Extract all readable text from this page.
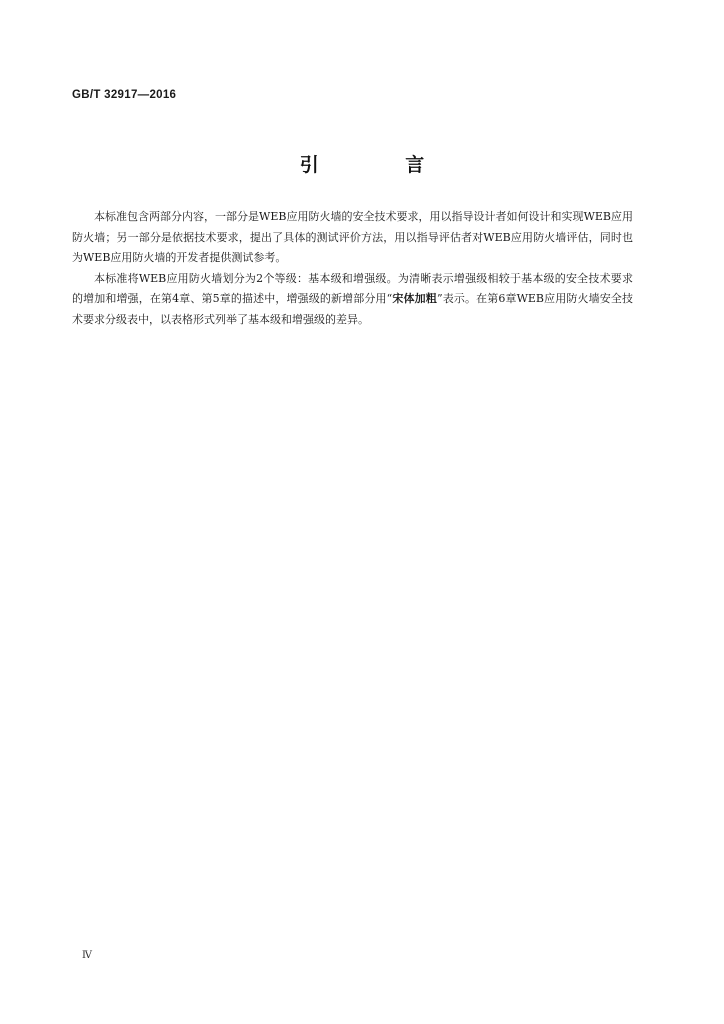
GB/T 32917—2016
引 言

本标准包含两部分内容，一部分是WEB应用防火墙的安全技术要求，用以指导设计者如何设计和实现WEB应用防火墙；另一部分是依据技术要求，提出了具体的测试评价方法，用以指导评估者对WEB应用防火墙评估，同时也为WEB应用防火墙的开发者提供测试参考。

本标准将WEB应用防火墙划分为2个等级：基本级和增强级。为清晰表示增强级相较于基本级的安全技术要求的增加和增强，在第4章、第5章的描述中，增强级的新增部分用“宋体加粗”表示。在第6章WEB应用防火墙安全技术要求分级表中，以表格形式列举了基本级和增强级的差异。

Ⅳ
